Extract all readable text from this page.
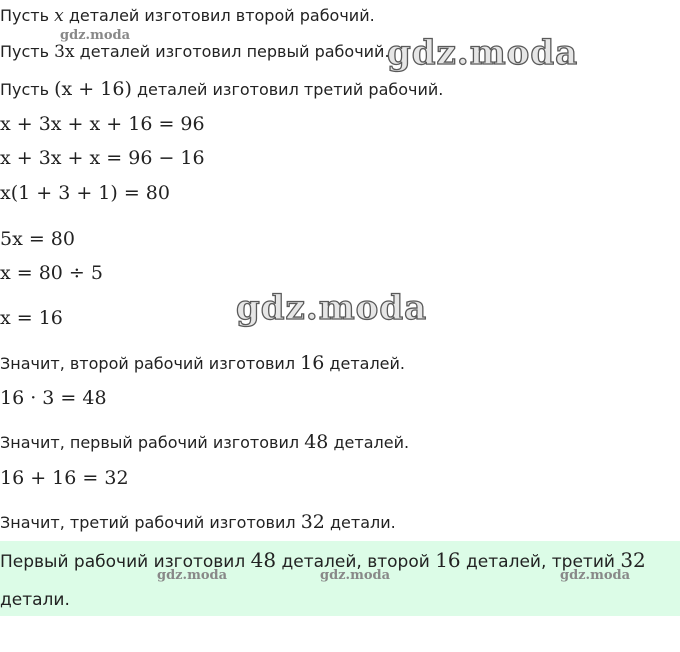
Пусть x деталей изготовил второй рабочий.
Пусть 3x деталей изготовил первый рабочий.
Пусть (x + 16) деталей изготовил третий рабочий.
x + 3x + x + 16 = 96
x + 3x + x = 96 − 16
x(1 + 3 + 1) = 80
5x = 80
x = 80 ÷ 5
x = 16
Значит, второй рабочий изготовил 16 деталей.
16 · 3 = 48
Значит, первый рабочий изготовил 48 деталей.
16 + 16 = 32
Значит, третий рабочий изготовил 32 детали.
Первый рабочий изготовил 48 деталей, второй 16 деталей, третий 32
детали.
gdz.moda	gdz.moda
gdz.moda
gdz.moda	gdz.moda	gdz.moda
